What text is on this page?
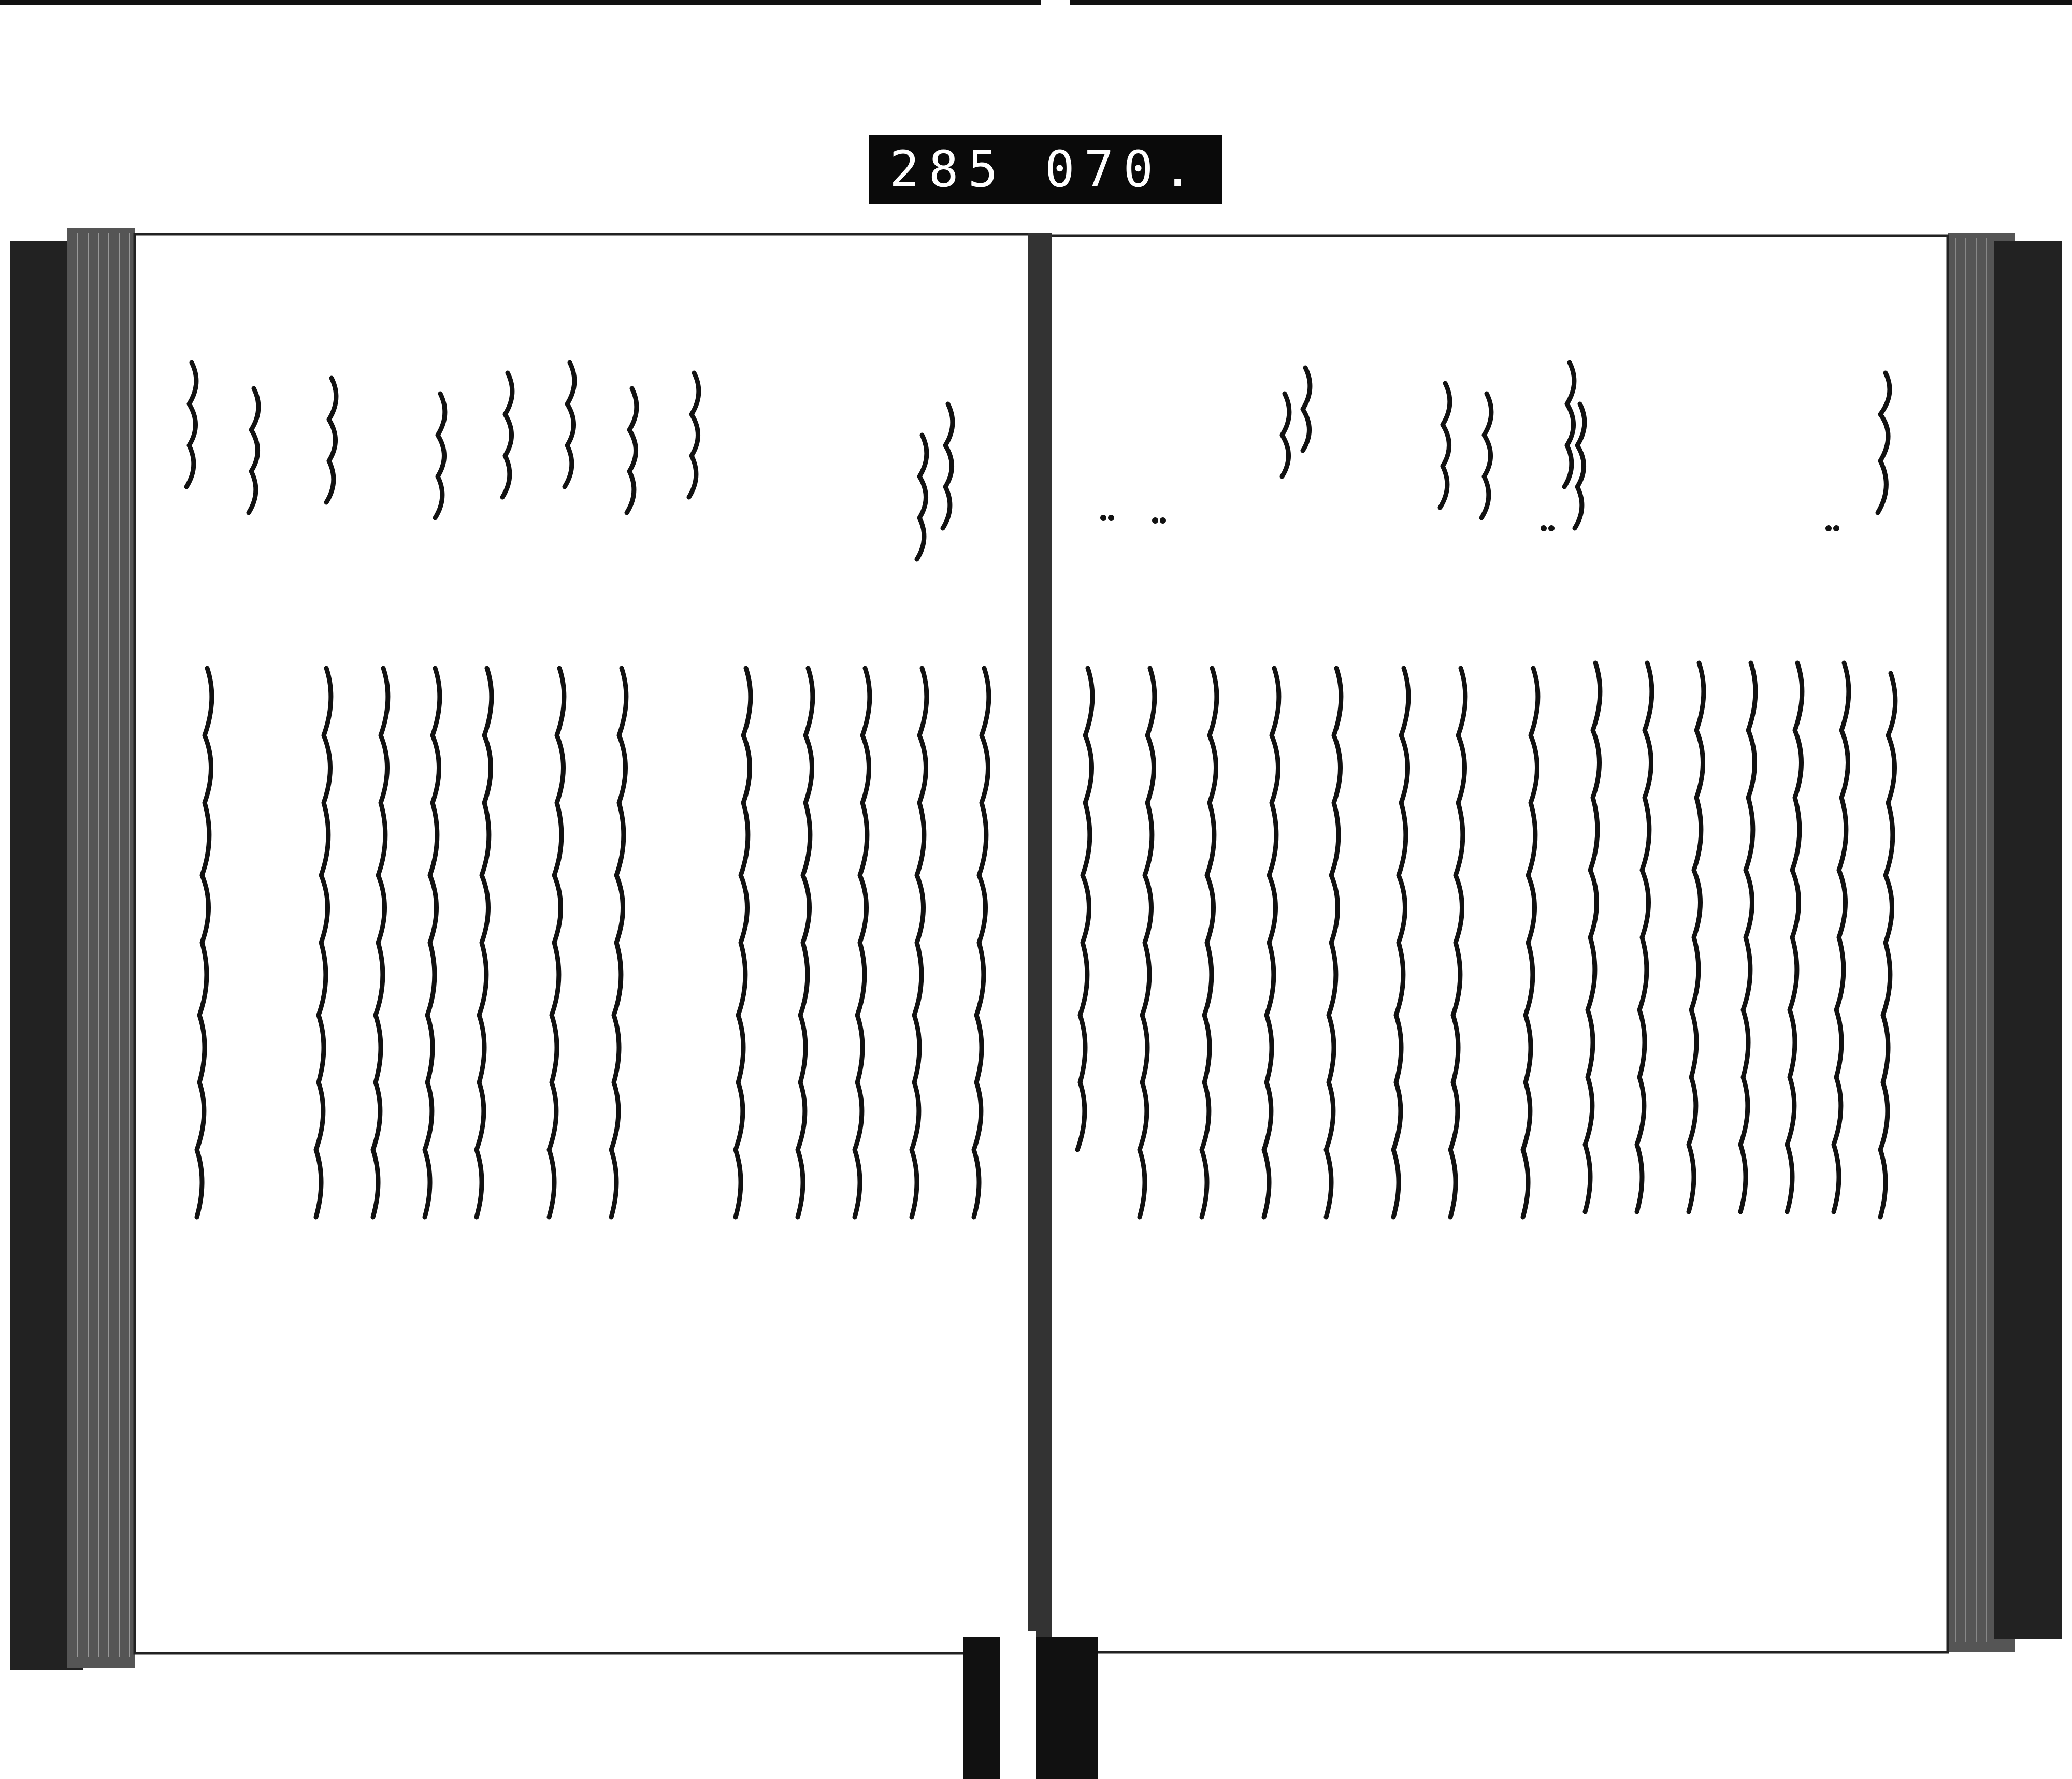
285 070.
